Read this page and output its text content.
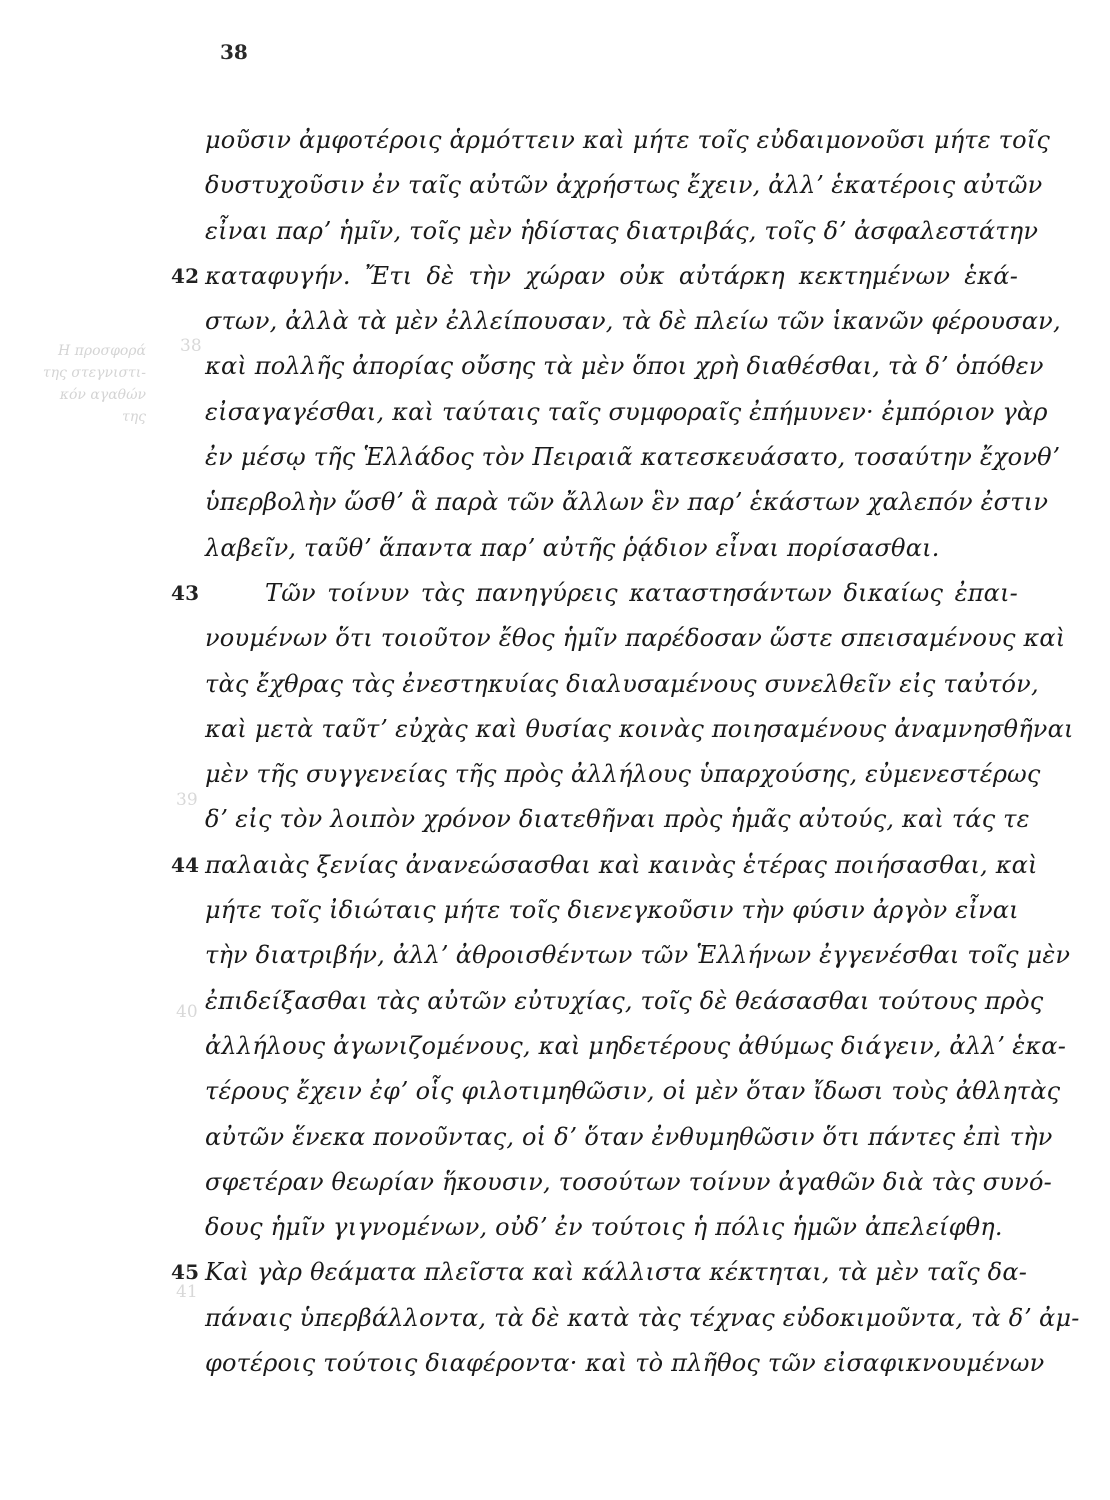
38
Η προσφορά
της στεγνιστι-
κόν αγαθών
της
38
39
40
41
μοῦσιν ἀμφοτέροις ἁρμόττειν καὶ μήτε τοῖς εὐδαιμονοῦσι μήτε τοῖς
δυστυχοῦσιν ἐν ταῖς αὐτῶν ἀχρήστως ἔχειν, ἀλλʼ ἑκατέροις αὐτῶν
εἶναι παρʼ ἡμῖν, τοῖς μὲν ἡδίστας διατριβάς, τοῖς δʼ ἀσφαλεστάτην
42 καταφυγήν. Ἔτι δὲ τὴν χώραν οὐκ αὐτάρκη κεκτημένων ἑκά-
στων, ἀλλὰ τὰ μὲν ἐλλείπουσαν, τὰ δὲ πλείω τῶν ἱκανῶν φέρουσαν,
καὶ πολλῆς ἀπορίας οὔσης τὰ μὲν ὅποι χρὴ διαθέσθαι, τὰ δʼ ὁπόθεν
εἰσαγαγέσθαι, καὶ ταύταις ταῖς συμφοραῖς ἐπήμυνεν· ἐμπόριον γὰρ
ἐν μέσῳ τῆς Ἑλλάδος τὸν Πειραιᾶ κατεσκευάσατο, τοσαύτην ἔχονθʼ
ὑπερβολὴν ὥσθʼ ἃ παρὰ τῶν ἄλλων ἓν παρʼ ἑκάστων χαλεπόν ἐστιν
λαβεῖν, ταῦθʼ ἅπαντα παρʼ αὐτῆς ῥᾴδιον εἶναι πορίσασθαι.
43	Τῶν τοίνυν τὰς πανηγύρεις καταστησάντων δικαίως ἐπαι-
νουμένων ὅτι τοιοῦτον ἔθος ἡμῖν παρέδοσαν ὥστε σπεισαμένους καὶ
τὰς ἔχθρας τὰς ἐνεστηκυίας διαλυσαμένους συνελθεῖν εἰς ταὐτόν,
καὶ μετὰ ταῦτʼ εὐχὰς καὶ θυσίας κοινὰς ποιησαμένους ἀναμνησθῆναι
μὲν τῆς συγγενείας τῆς πρὸς ἀλλήλους ὑπαρχούσης, εὐμενεστέρως
δʼ εἰς τὸν λοιπὸν χρόνον διατεθῆναι πρὸς ἡμᾶς αὐτούς, καὶ τάς τε
44 παλαιὰς ξενίας ἀνανεώσασθαι καὶ καινὰς ἑτέρας ποιήσασθαι, καὶ
μήτε τοῖς ἰδιώταις μήτε τοῖς διενεγκοῦσιν τὴν φύσιν ἀργὸν εἶναι
τὴν διατριβήν, ἀλλʼ ἀθροισθέντων τῶν Ἑλλήνων ἐγγενέσθαι τοῖς μὲν
ἐπιδείξασθαι τὰς αὐτῶν εὐτυχίας, τοῖς δὲ θεάσασθαι τούτους πρὸς
ἀλλήλους ἀγωνιζομένους, καὶ μηδετέρους ἀθύμως διάγειν, ἀλλʼ ἑκα-
τέρους ἔχειν ἐφʼ οἷς φιλοτιμηθῶσιν, οἱ μὲν ὅταν ἴδωσι τοὺς ἀθλητὰς
αὐτῶν ἕνεκα πονοῦντας, οἱ δʼ ὅταν ἐνθυμηθῶσιν ὅτι πάντες ἐπὶ τὴν
σφετέραν θεωρίαν ἥκουσιν, τοσούτων τοίνυν ἀγαθῶν διὰ τὰς συνό-
δους ἡμῖν γιγνομένων, οὐδʼ ἐν τούτοις ἡ πόλις ἡμῶν ἀπελείφθη.
45 Καὶ γὰρ θεάματα πλεῖστα καὶ κάλλιστα κέκτηται, τὰ μὲν ταῖς δα-
πάναις ὑπερβάλλοντα, τὰ δὲ κατὰ τὰς τέχνας εὐδοκιμοῦντα, τὰ δʼ ἀμ-
φοτέροις τούτοις διαφέροντα· καὶ τὸ πλῆθος τῶν εἰσαφικνουμένων
